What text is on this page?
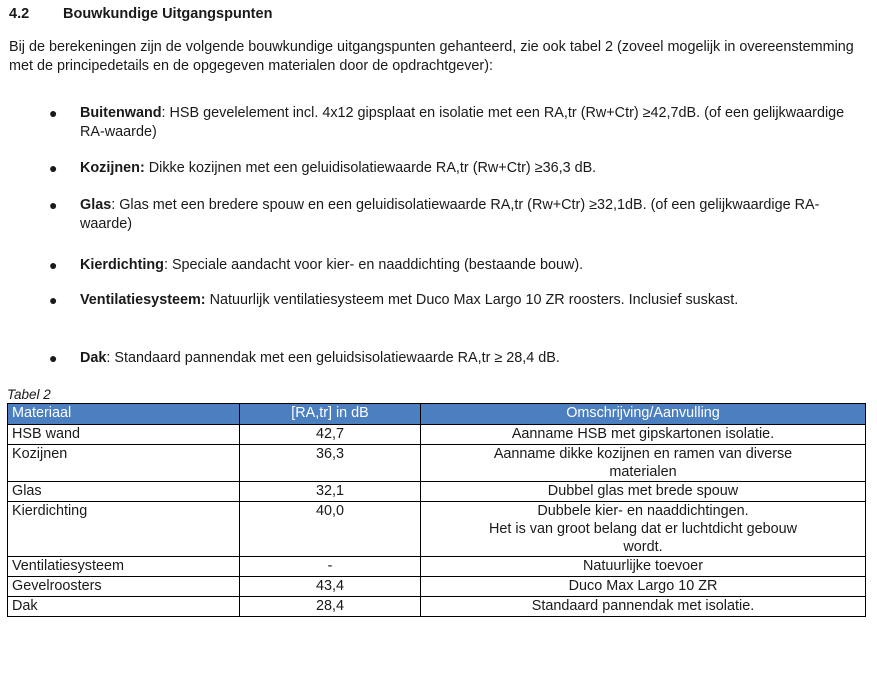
4.2 Bouwkundige Uitgangspunten
Bij de berekeningen zijn de volgende bouwkundige uitgangspunten gehanteerd, zie ook tabel 2 (zoveel mogelijk in overeenstemming met de principedetails en de opgegeven materialen door de opdrachtgever):
● Buitenwand: HSB gevelelement incl. 4x12 gipsplaat en isolatie met een RA,tr (Rw+Ctr) ≥42,7dB. (of een gelijkwaardige RA-waarde)
● Kozijnen: Dikke kozijnen met een geluidisolatiewaarde RA,tr (Rw+Ctr) ≥36,3 dB.
● Glas: Glas met een bredere spouw en een geluidisolatiewaarde RA,tr (Rw+Ctr) ≥32,1dB. (of een gelijkwaardige RA-waarde)
● Kierdichting: Speciale aandacht voor kier- en naaddichting (bestaande bouw).
● Ventilatiesysteem: Natuurlijk ventilatiesysteem met Duco Max Largo 10 ZR roosters. Inclusief suskast.
● Dak: Standaard pannendak met een geluidsisolatiewaarde RA,tr ≥ 28,4 dB.
Tabel 2
Materiaal	[RA,tr] in dB	Omschrijving/Aanvulling
HSB wand	42,7	Aanname HSB met gipskartonen isolatie.

Kozijnen	36,3	Aanname dikke kozijnen en ramen van diverse
materialen

Glas	32,1	Dubbel glas met brede spouw

Kierdichting	40,0	Dubbele kier- en naaddichtingen.
Het is van groot belang dat er luchtdicht gebouw
wordt.

Ventilatiesysteem	-	Natuurlijke toevoer

Gevelroosters	43,4	Duco Max Largo 10 ZR

Dak	28,4	Standaard pannendak met isolatie.
